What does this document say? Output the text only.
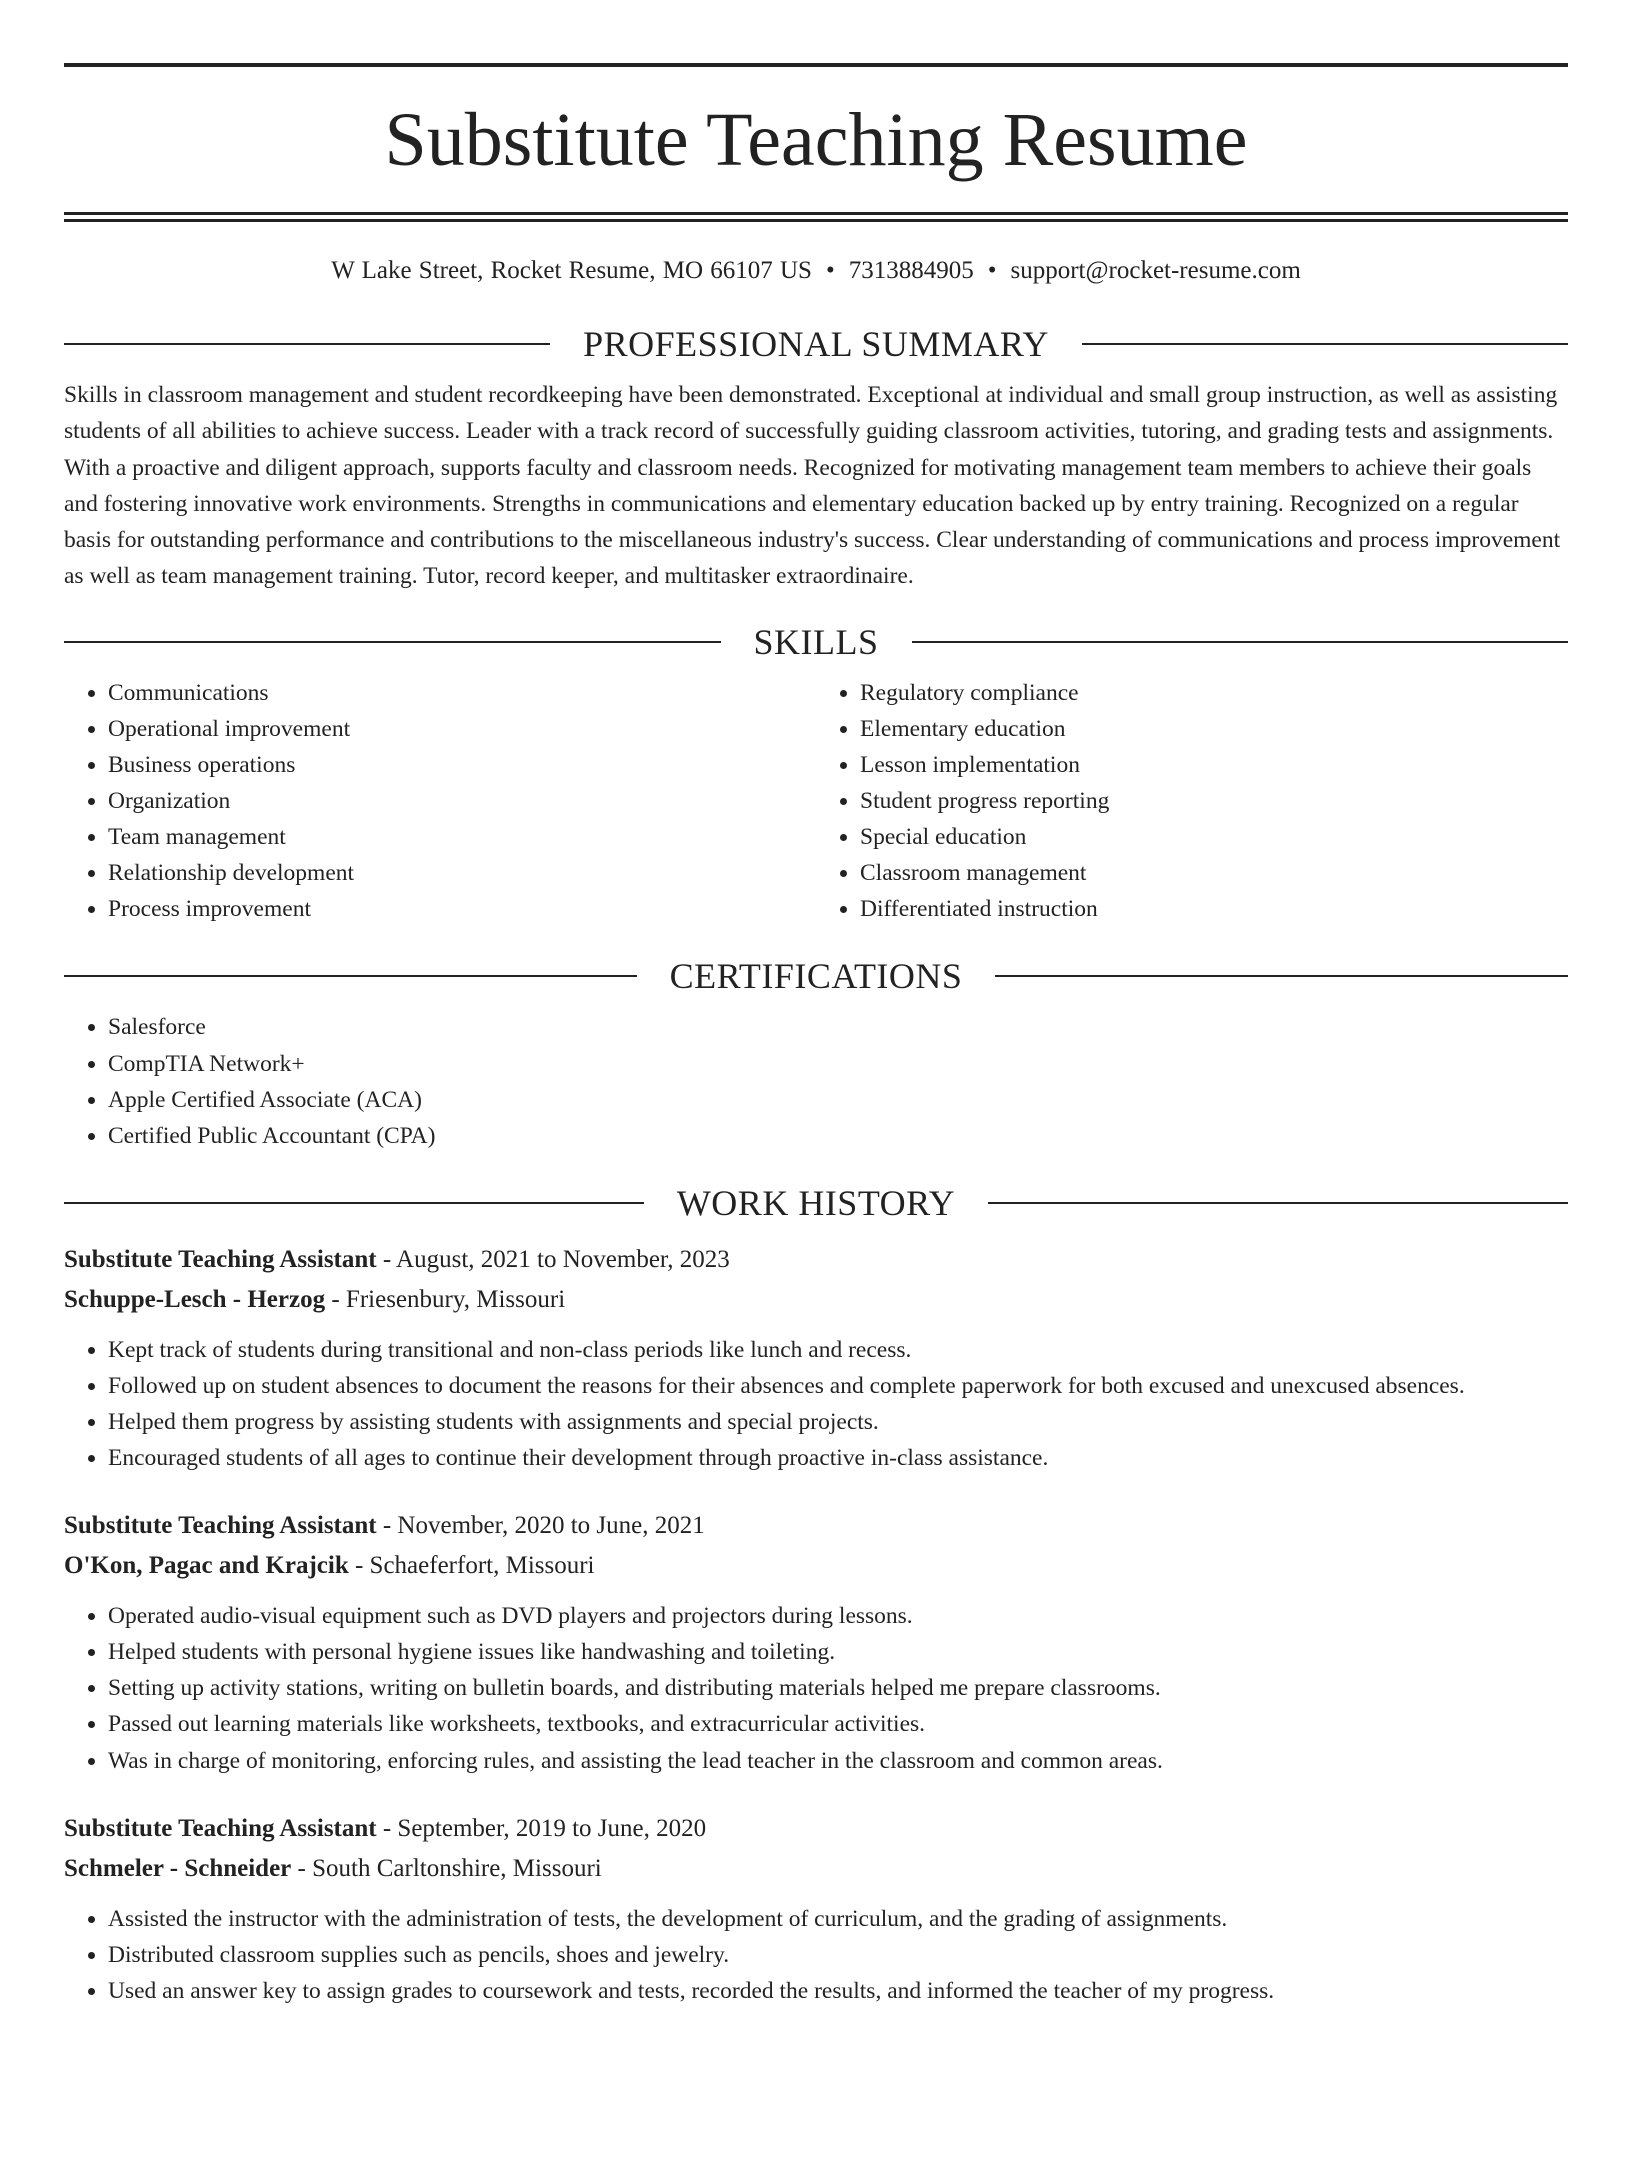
Substitute Teaching Resume
W Lake Street, Rocket Resume, MO 66107 US • 7313884905 • support@rocket-resume.com
PROFESSIONAL SUMMARY
Skills in classroom management and student recordkeeping have been demonstrated. Exceptional at individual and small group instruction, as well as assisting students of all abilities to achieve success. Leader with a track record of successfully guiding classroom activities, tutoring, and grading tests and assignments. With a proactive and diligent approach, supports faculty and classroom needs. Recognized for motivating management team members to achieve their goals and fostering innovative work environments. Strengths in communications and elementary education backed up by entry training. Recognized on a regular basis for outstanding performance and contributions to the miscellaneous industry's success. Clear understanding of communications and process improvement as well as team management training. Tutor, record keeper, and multitasker extraordinaire.
SKILLS
• Communications
• Operational improvement
• Business operations
• Organization
• Team management
• Relationship development
• Process improvement
• Regulatory compliance
• Elementary education
• Lesson implementation
• Student progress reporting
• Special education
• Classroom management
• Differentiated instruction
CERTIFICATIONS
• Salesforce
• CompTIA Network+
• Apple Certified Associate (ACA)
• Certified Public Accountant (CPA)
WORK HISTORY
Substitute Teaching Assistant - August, 2021 to November, 2023
Schuppe-Lesch - Herzog - Friesenbury, Missouri
• Kept track of students during transitional and non-class periods like lunch and recess.
• Followed up on student absences to document the reasons for their absences and complete paperwork for both excused and unexcused absences.
• Helped them progress by assisting students with assignments and special projects.
• Encouraged students of all ages to continue their development through proactive in-class assistance.
Substitute Teaching Assistant - November, 2020 to June, 2021
O'Kon, Pagac and Krajcik - Schaeferfort, Missouri
• Operated audio-visual equipment such as DVD players and projectors during lessons.
• Helped students with personal hygiene issues like handwashing and toileting.
• Setting up activity stations, writing on bulletin boards, and distributing materials helped me prepare classrooms.
• Passed out learning materials like worksheets, textbooks, and extracurricular activities.
• Was in charge of monitoring, enforcing rules, and assisting the lead teacher in the classroom and common areas.
Substitute Teaching Assistant - September, 2019 to June, 2020
Schmeler - Schneider - South Carltonshire, Missouri
• Assisted the instructor with the administration of tests, the development of curriculum, and the grading of assignments.
• Distributed classroom supplies such as pencils, shoes and jewelry.
• Used an answer key to assign grades to coursework and tests, recorded the results, and informed the teacher of my progress.
